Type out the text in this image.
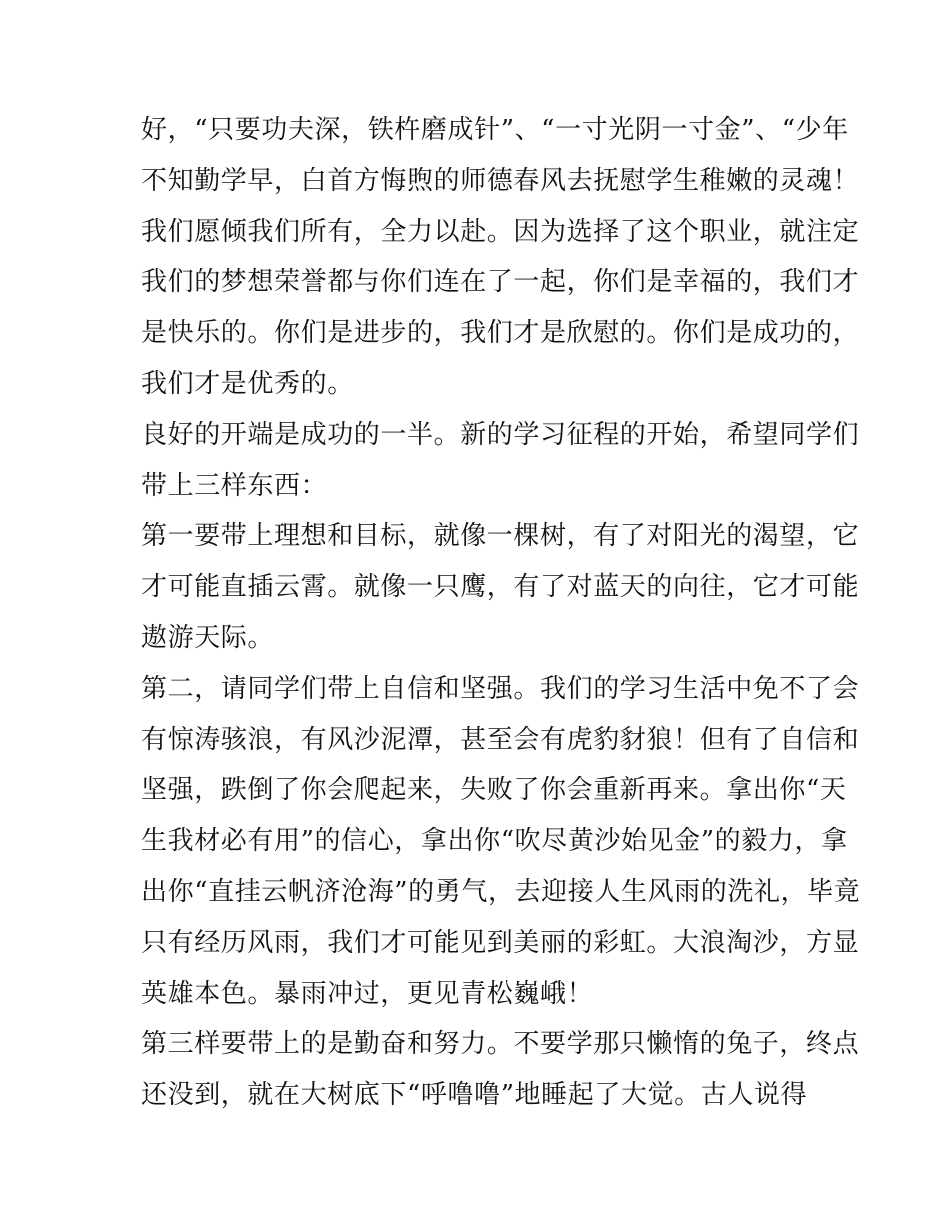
好，“只要功夫深，铁杵磨成针”、“一寸光阴一寸金”、“少年
不知勤学早，白首方悔煦的师德春风去抚慰学生稚嫩的灵魂！
我们愿倾我们所有，全力以赴。因为选择了这个职业，就注定
我们的梦想荣誉都与你们连在了一起，你们是幸福的，我们才
是快乐的。你们是进步的，我们才是欣慰的。你们是成功的，
我们才是优秀的。
良好的开端是成功的一半。新的学习征程的开始，希望同学们
带上三样东西：
第一要带上理想和目标，就像一棵树，有了对阳光的渴望，它
才可能直插云霄。就像一只鹰，有了对蓝天的向往，它才可能
遨游天际。
第二，请同学们带上自信和坚强。我们的学习生活中免不了会
有惊涛骇浪，有风沙泥潭，甚至会有虎豹豺狼！但有了自信和
坚强，跌倒了你会爬起来，失败了你会重新再来。拿出你“天
生我材必有用”的信心，拿出你“吹尽黄沙始见金”的毅力，拿
出你“直挂云帆济沧海”的勇气，去迎接人生风雨的洗礼，毕竟
只有经历风雨，我们才可能见到美丽的彩虹。大浪淘沙，方显
英雄本色。暴雨冲过，更见青松巍峨！
第三样要带上的是勤奋和努力。不要学那只懒惰的兔子，终点
还没到，就在大树底下“呼噜噜”地睡起了大觉。古人说得
